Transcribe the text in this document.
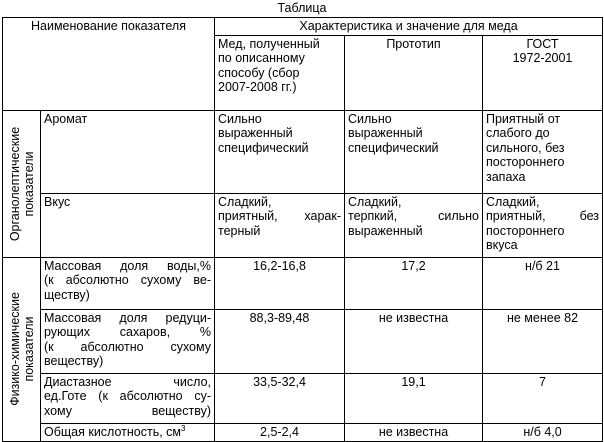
Таблица
Наименование показателя		Характеристика и значение для меда		
		Мед, полученный
по описанному
способу (сбор
2007-2008 гг.)	Прототип	ГОСТ
1972-2001

Органолептические
показатели	Аромат	Сильно
выраженный
специфический	Сильно
выраженный
специфический	Приятный от
слабого до
сильного, без
постороннего
запаха
	Вкус	Сладкий,
приятный, харак-
терный	Сладкий,
терпкий, сильно
выраженный	Сладкий,
приятный, без
постороннего
вкуса

Физико-химические
показатели	Массовая доля воды,%
(к абсолютно сухому ве-
ществу)	16,2-16,8	17,2	н/б 21
	Массовая доля редуци-
рующих сахаров, %
(к абсолютно сухому
веществу)	88,3-89,48	не известна	не менее 82
	Диастазное число,
ед.Готе (к абсолютно су-
хому веществу)	33,5-32,4	19,1	7
	Общая кислотность, $см^3$	2,5-2,4	не известна	н/б 4,0
